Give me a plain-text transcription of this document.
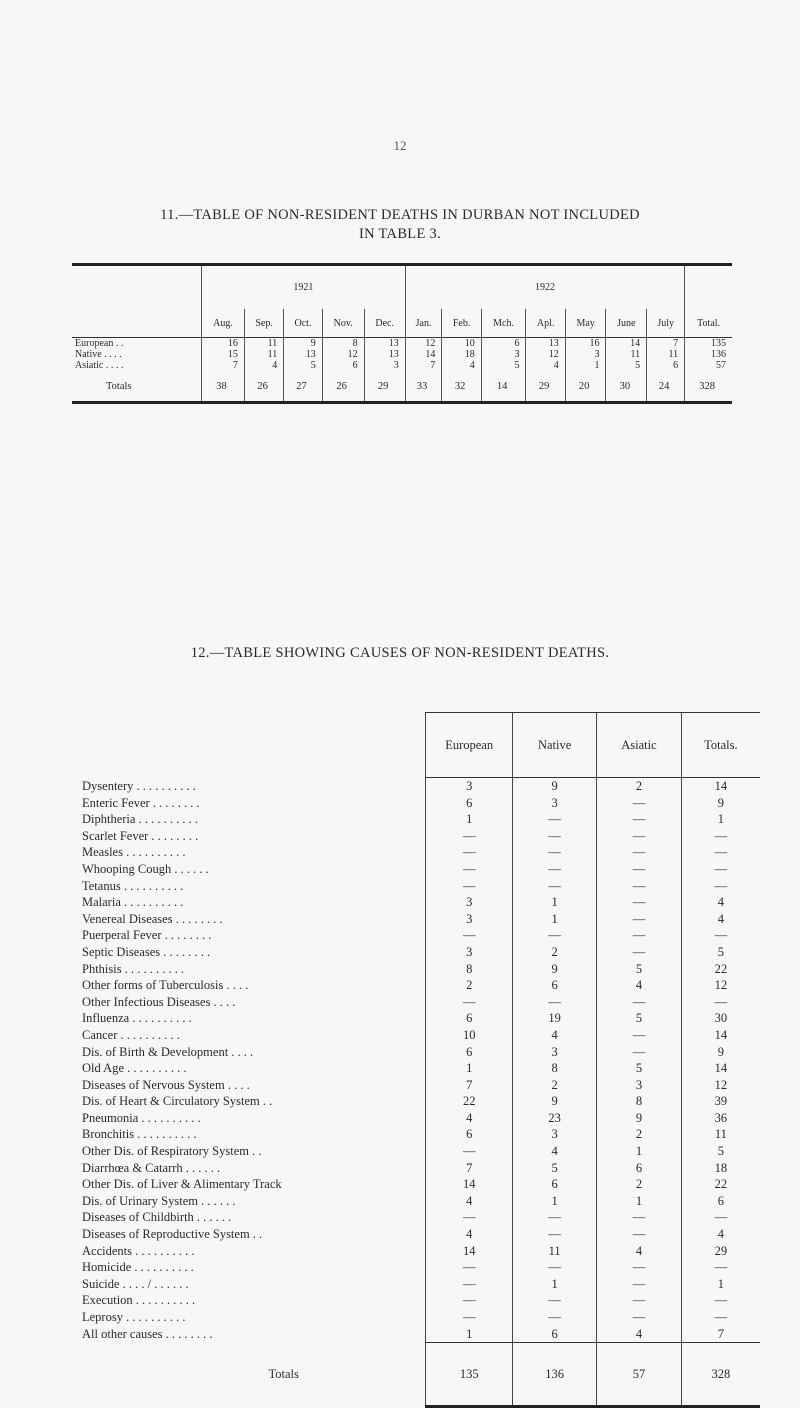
12
11.—TABLE OF NON-RESIDENT DEATHS IN DURBAN NOT INCLUDED
IN TABLE 3.
	1921					1922							
	Aug.	Sep.	Oct.	Nov.	Dec.	Jan.	Feb.	Mch.	Apl.	May	June	July	Total.
European . .	16	11	9	8	13	12	10	6	13	16	14	7	135
Native . . . .	15	11	13	12	13	14	18	3	12	3	11	11	136
Asiatic . . . .	7	4	5	6	3	7	4	5	4	1	5	6	57
Totals	38	26	27	26	29	33	32	14	29	20	30	24	328
12.—TABLE SHOWING CAUSES OF NON-RESIDENT DEATHS.
	European	Native	Asiatic	Totals.
Dysentery . . . . . . . . . .	3	9	2	14
Enteric Fever . . . . . . . .	6	3	—	9
Diphtheria . . . . . . . . . .	1	—	—	1
Scarlet Fever . . . . . . . .	—	—	—	—
Measles . . . . . . . . . .	—	—	—	—
Whooping Cough . . . . . .	—	—	—	—
Tetanus . . . . . . . . . .	—	—	—	—
Malaria . . . . . . . . . .	3	1	—	4
Venereal Diseases . . . . . . . .	3	1	—	4
Puerperal Fever . . . . . . . .	—	—	—	—
Septic Diseases . . . . . . . .	3	2	—	5
Phthisis . . . . . . . . . .	8	9	5	22
Other forms of Tuberculosis . . . .	2	6	4	12
Other Infectious Diseases . . . .	—	—	—	—
Influenza . . . . . . . . . .	6	19	5	30
Cancer . . . . . . . . . .	10	4	—	14
Dis. of Birth & Development . . . .	6	3	—	9
Old Age . . . . . . . . . .	1	8	5	14
Diseases of Nervous System . . . .	7	2	3	12
Dis. of Heart & Circulatory System . .	22	9	8	39
Pneumonia . . . . . . . . . .	4	23	9	36
Bronchitis . . . . . . . . . .	6	3	2	11
Other Dis. of Respiratory System . .	—	4	1	5
Diarrhœa & Catarrh . . . . . .	7	5	6	18
Other Dis. of Liver & Alimentary Track	14	6	2	22
Dis. of Urinary System . . . . . .	4	1	1	6
Diseases of Childbirth . . . . . .	—	—	—	—
Diseases of Reproductive System . .	4	—	—	4
Accidents . . . . . . . . . .	14	11	4	29
Homicide . . . . . . . . . .	—	—	—	—
Suicide . . . . / . . . . . .	—	1	—	1
Execution . . . . . . . . . .	—	—	—	—
Leprosy . . . . . . . . . .	—	—	—	—
All other causes . . . . . . . .	1	6	4	7
Totals	135	136	57	328
